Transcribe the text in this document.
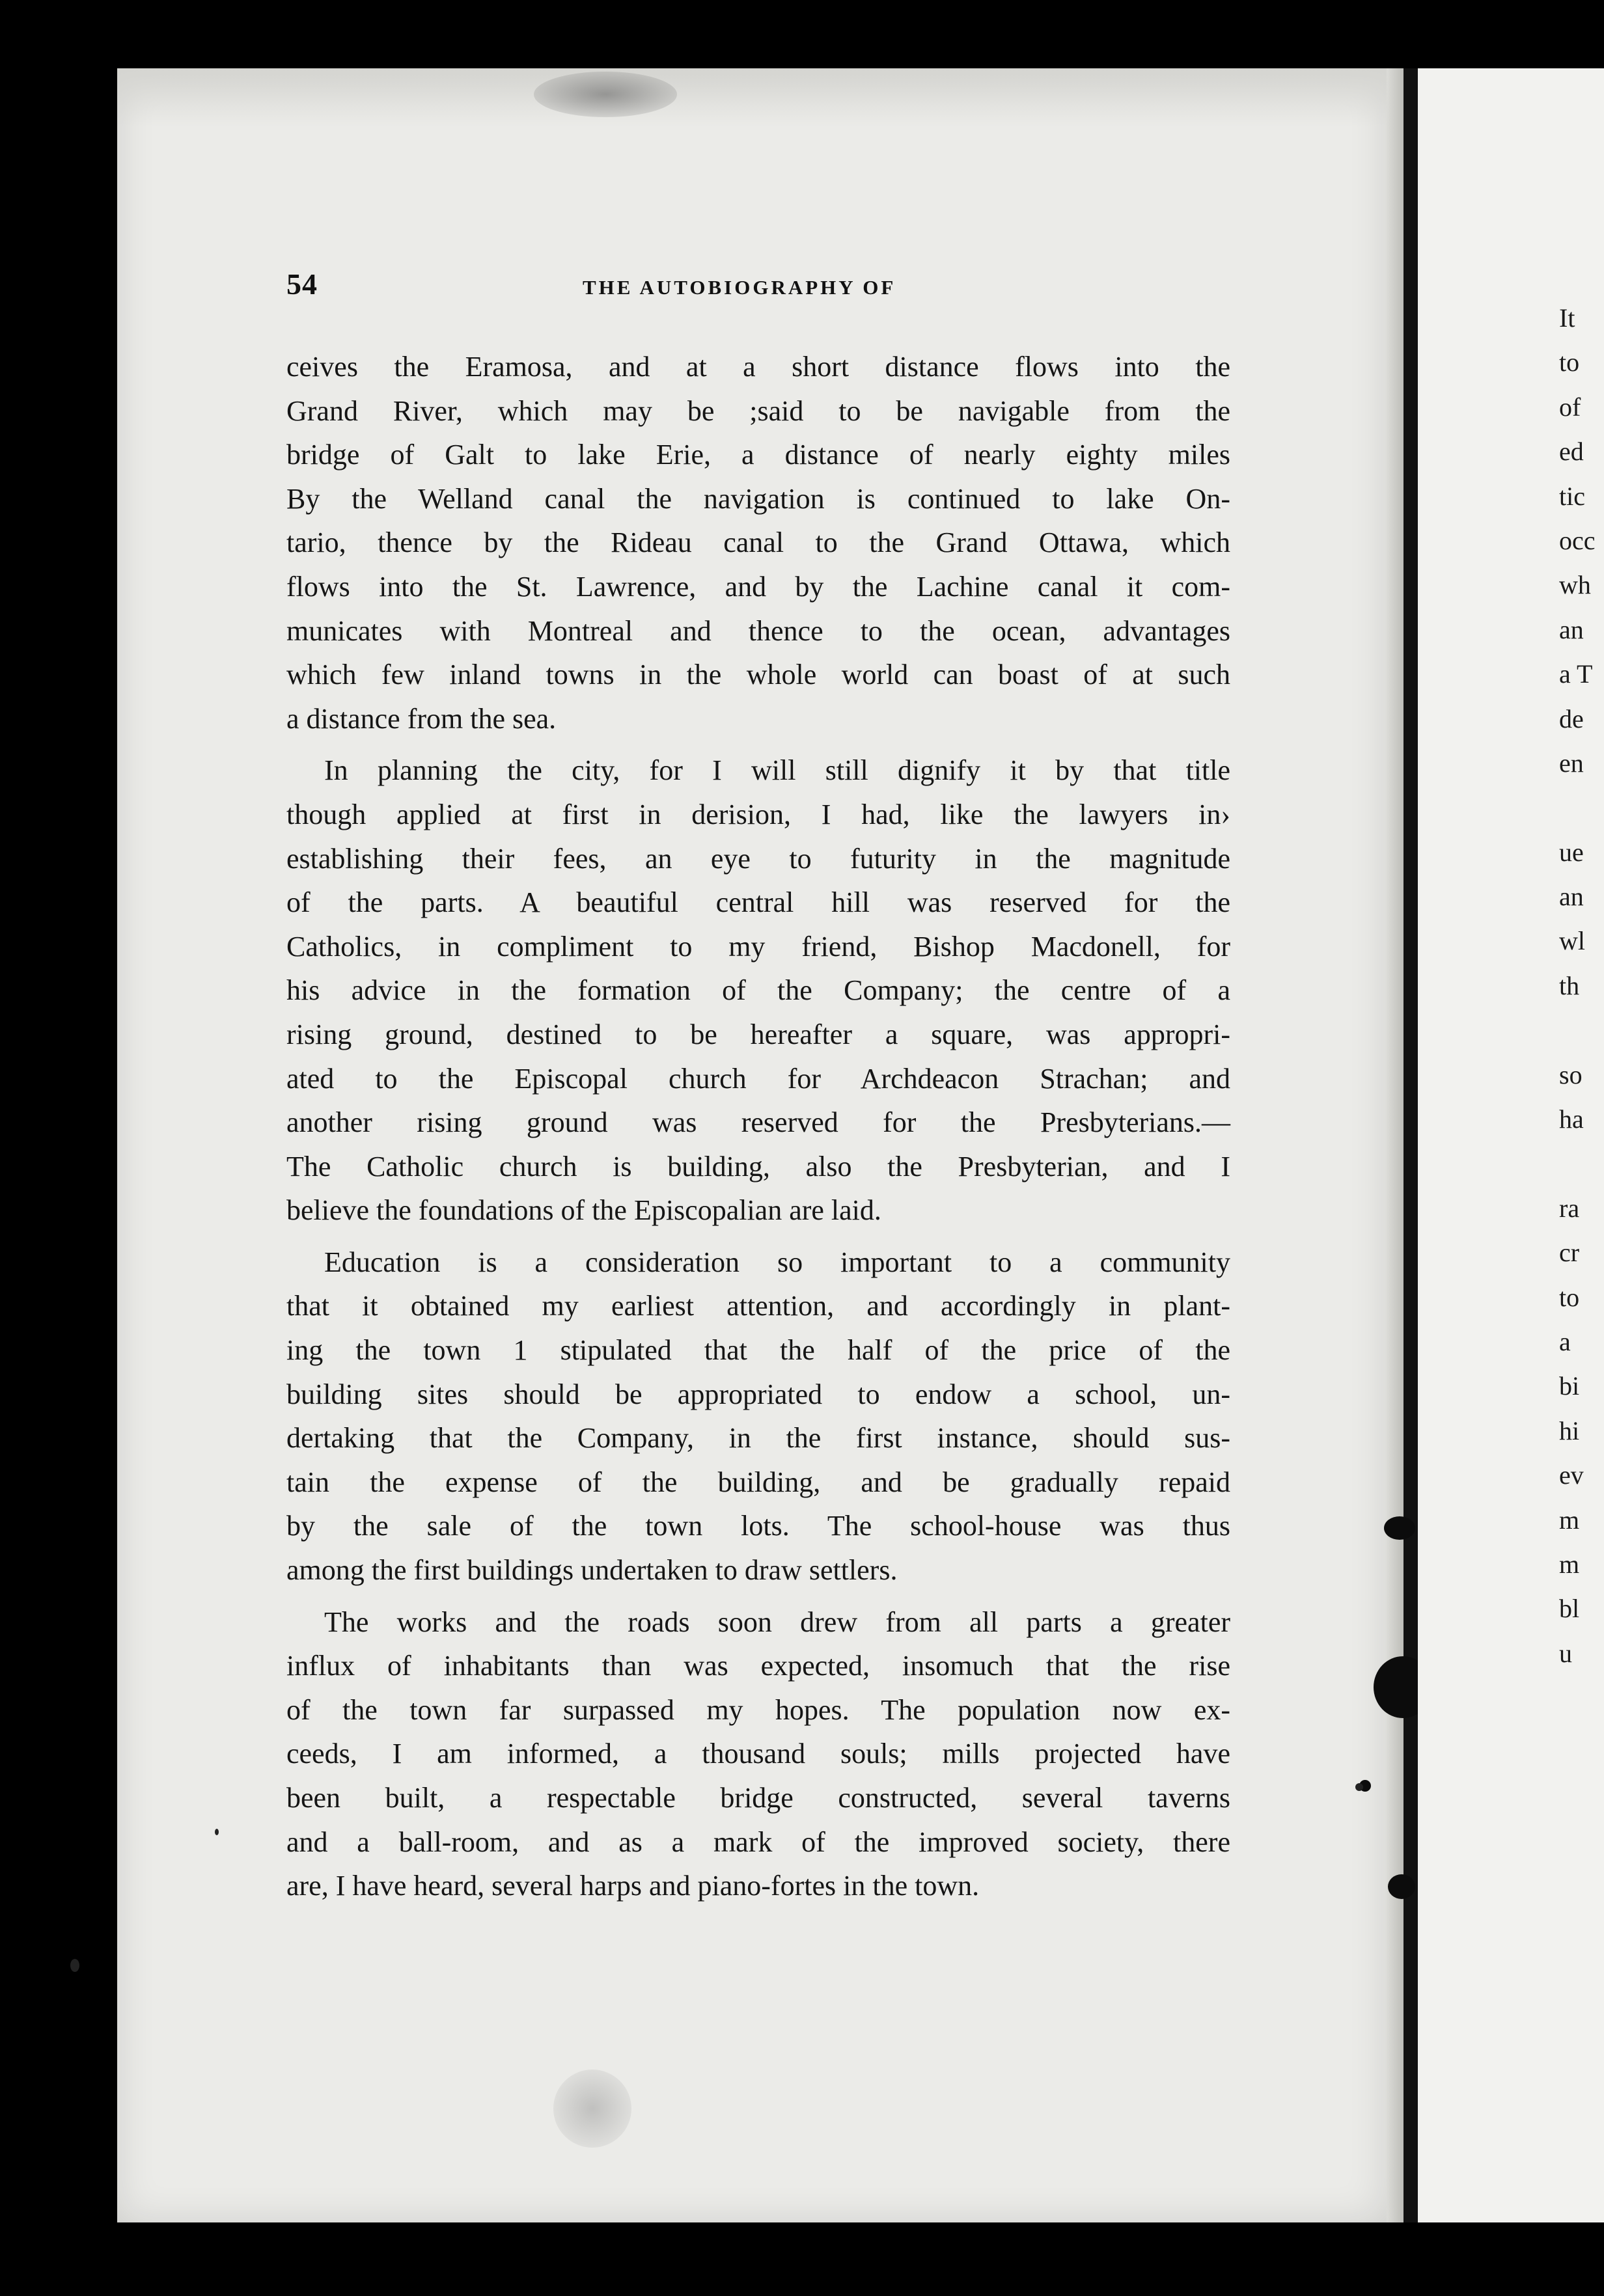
It
to
of
ed
tic
occ
wh
an
a T
de
en
ue
an
wl
th
so
ha
ra
cr
to
a
bi
hi
ev
m
m
bl
u
54	THE AUTOBIOGRAPHY OF
ceives the Eramosa, and at a short distance flows into the
Grand River, which may be ;said to be navigable from the
bridge of Galt to lake Erie, a distance of nearly eighty miles
By the Welland canal the navigation is continued to lake On-
tario, thence by the Rideau canal to the Grand Ottawa, which
flows into the St. Lawrence, and by the Lachine canal it com-
municates with Montreal and thence to the ocean, advantages
which few inland towns in the whole world can boast of at such
a distance from the sea.
In planning the city, for I will still dignify it by that title
though applied at first in derision, I had, like the lawyers in›
establishing their fees, an eye to futurity in the magnitude
of the parts. A beautiful central hill was reserved for the
Catholics, in compliment to my friend, Bishop Macdonell, for
his advice in the formation of the Company; the centre of a
rising ground, destined to be hereafter a square, was appropri-
ated to the Episcopal church for Archdeacon Strachan; and
another rising ground was reserved for the Presbyterians.—
The Catholic church is building, also the Presbyterian, and I
believe the foundations of the Episcopalian are laid.
Education is a consideration so important to a community
that it obtained my earliest attention, and accordingly in plant-
ing the town 1 stipulated that the half of the price of the
building sites should be appropriated to endow a school, un-
dertaking that the Company, in the first instance, should sus-
tain the expense of the building, and be gradually repaid
by the sale of the town lots. The school-house was thus
among the first buildings undertaken to draw settlers.
The works and the roads soon drew from all parts a greater
influx of inhabitants than was expected, insomuch that the rise
of the town far surpassed my hopes. The population now ex-
ceeds, I am informed, a thousand souls; mills projected have
been built, a respectable bridge constructed, several taverns
and a ball-room, and as a mark of the improved society, there
are, I have heard, several harps and piano-fortes in the town.
